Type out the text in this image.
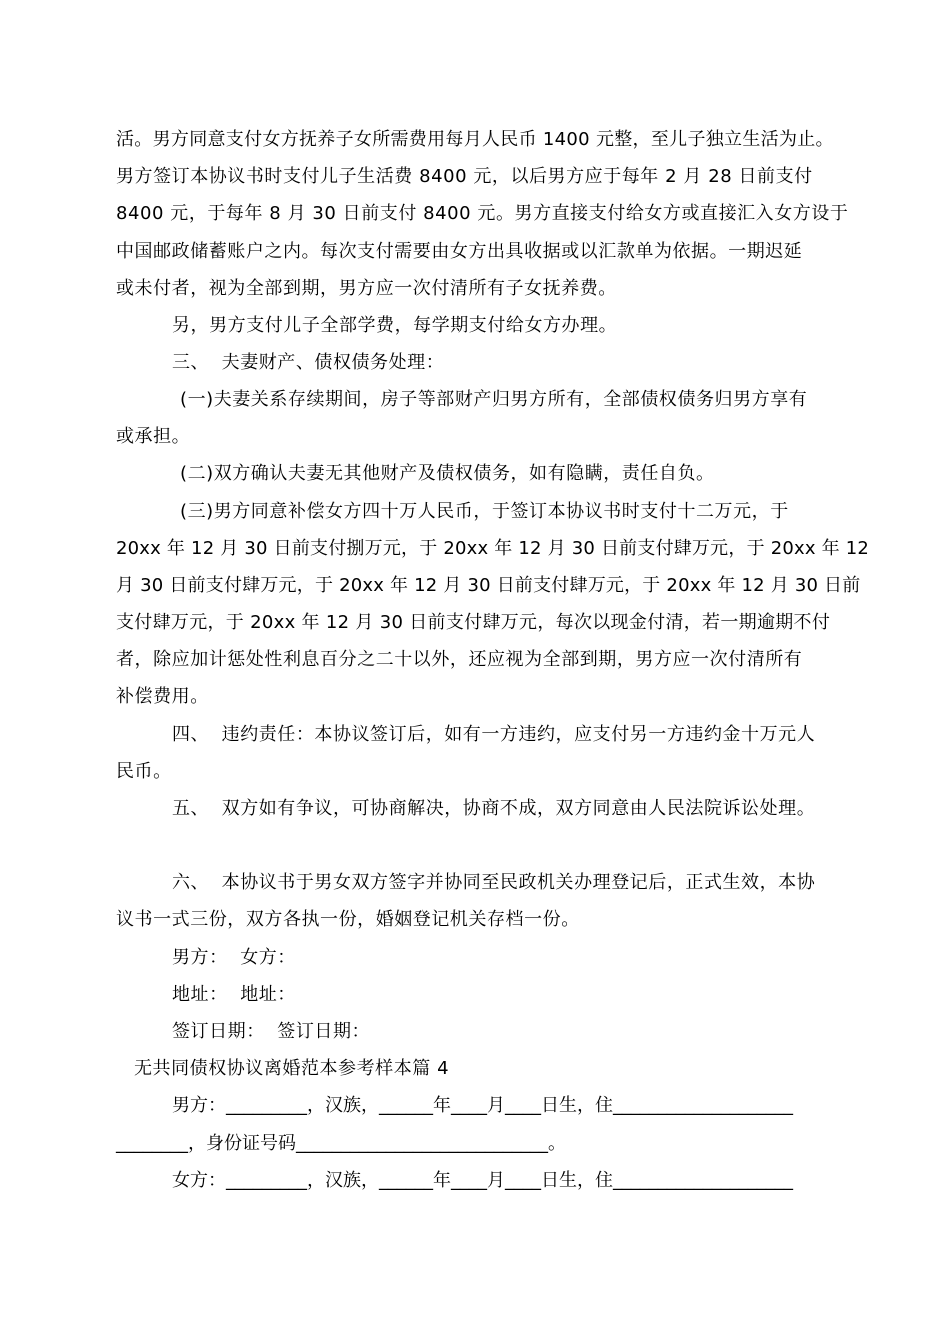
活。男方同意支付女方抚养子女所需费用每月人民币 1400 元整，至儿子独立生活为止。
男方签订本协议书时支付儿子生活费 8400 元，以后男方应于每年 2 月 28 日前支付
8400 元，于每年 8 月 30 日前支付 8400 元。男方直接支付给女方或直接汇入女方设于
中国邮政储蓄账户之内。每次支付需要由女方出具收据或以汇款单为依据。一期迟延
或未付者，视为全部到期，男方应一次付清所有子女抚养费。
另，男方支付儿子全部学费，每学期支付给女方办理。
三、  夫妻财产、债权债务处理：
(一)夫妻关系存续期间，房子等部财产归男方所有，全部债权债务归男方享有
或承担。
(二)双方确认夫妻无其他财产及债权债务，如有隐瞒，责任自负。
(三)男方同意补偿女方四十万人民币，于签订本协议书时支付十二万元，于
20xx 年 12 月 30 日前支付捌万元，于 20xx 年 12 月 30 日前支付肆万元，于 20xx 年 12
月 30 日前支付肆万元，于 20xx 年 12 月 30 日前支付肆万元，于 20xx 年 12 月 30 日前
支付肆万元，于 20xx 年 12 月 30 日前支付肆万元，每次以现金付清，若一期逾期不付
者，除应加计惩处性利息百分之二十以外，还应视为全部到期，男方应一次付清所有
补偿费用。
四、  违约责任：本协议签订后，如有一方违约，应支付另一方违约金十万元人
民币。
五、  双方如有争议，可协商解决，协商不成，双方同意由人民法院诉讼处理。
六、  本协议书于男女双方签字并协同至民政机关办理登记后，正式生效，本协
议书一式三份，双方各执一份，婚姻登记机关存档一份。
男方：  女方：
地址：  地址：
签订日期：  签订日期：
无共同债权协议离婚范本参考样本篇 4
男方：_________，汉族，______年____月____日生，住____________________
________，身份证号码____________________________。
女方：_________，汉族，______年____月____日生，住____________________
